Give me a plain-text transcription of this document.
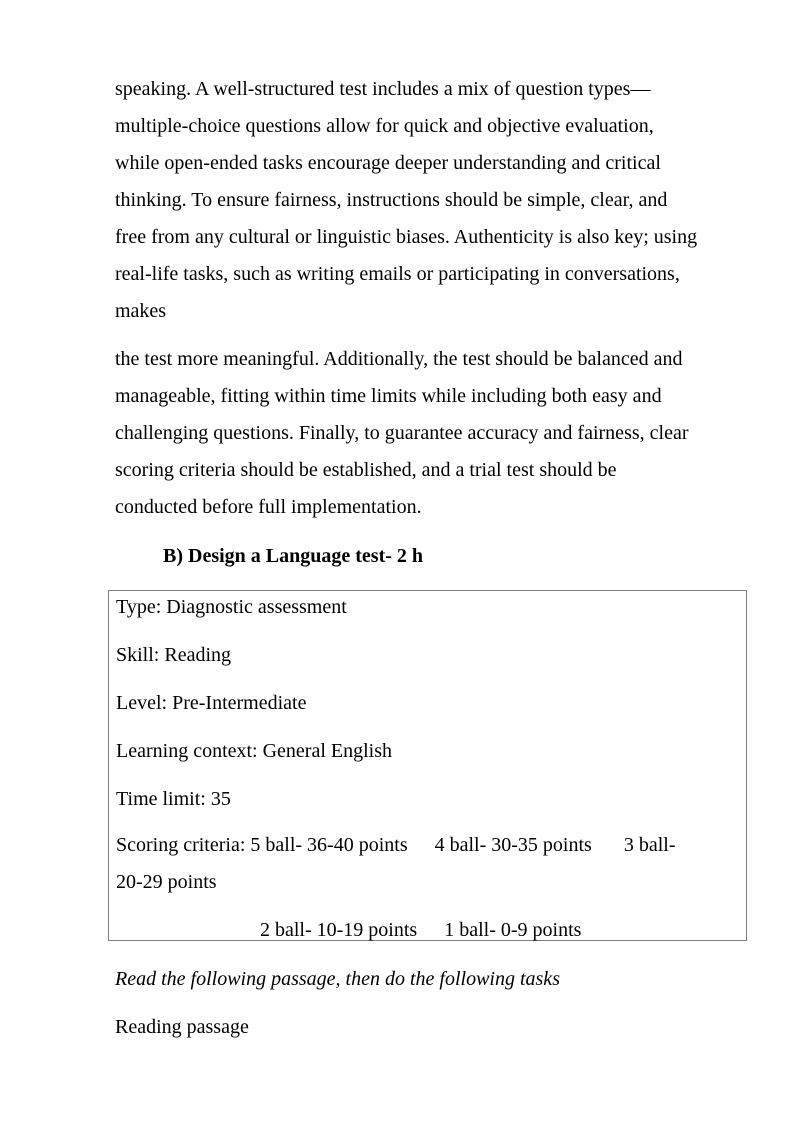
speaking. A well-structured test includes a mix of question types—
multiple-choice questions allow for quick and objective evaluation,
while open-ended tasks encourage deeper understanding and critical
thinking. To ensure fairness, instructions should be simple, clear, and
free from any cultural or linguistic biases. Authenticity is also key; using
real-life tasks, such as writing emails or participating in conversations,
makes

the test more meaningful. Additionally, the test should be balanced and
manageable, fitting within time limits while including both easy and
challenging questions. Finally, to guarantee accuracy and fairness, clear
scoring criteria should be established, and a trial test should be
conducted before full implementation.

B) Design a Language test- 2 h
Type: Diagnostic assessment
Skill: Reading
Level: Pre-Intermediate
Learning context: General English
Time limit: 35
Scoring criteria: 5 ball- 36-40 points 4 ball- 30-35 points 3 ball-
20-29 points
2 ball- 10-19 points 1 ball- 0-9 points
Read the following passage, then do the following tasks
Reading passage
